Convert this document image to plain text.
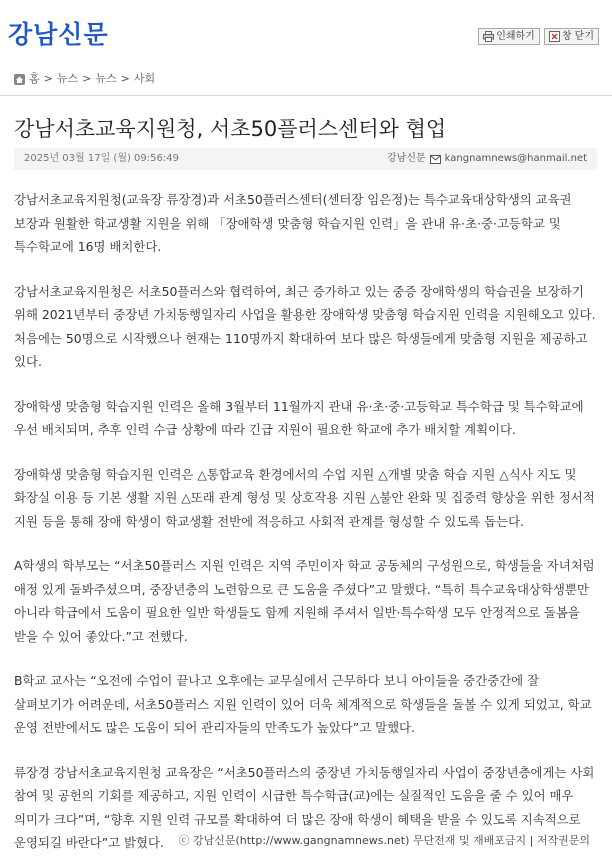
강남신문	인쇄하기	창 닫기
홈 > 뉴스 > 뉴스 > 사회
강남서초교육지원청, 서초50플러스센터와 협업
2025년 03월 17일 (월) 09:56:49	강남신문 kangnamnews@hanmail.net

강남서초교육지원청(교육장 류장경)과 서초50플러스센터(센터장 임은정)는 특수교육대상학생의 교육권 보장과 원활한 학교생활 지원을 위해 「장애학생 맞춤형 학습지원 인력」을 관내 유·초·중·고등학교 및 특수학교에 16명 배치한다.

강남서초교육지원청은 서초50플러스와 협력하여, 최근 증가하고 있는 중증 장애학생의 학습권을 보장하기 위해 2021년부터 중장년 가치동행일자리 사업을 활용한 장애학생 맞춤형 학습지원 인력을 지원해오고 있다. 처음에는 50명으로 시작했으나 현재는 110명까지 확대하여 보다 많은 학생들에게 맞춤형 지원을 제공하고 있다.

장애학생 맞춤형 학습지원 인력은 올해 3월부터 11월까지 관내 유·초·중·고등학교 특수학급 및 특수학교에 우선 배치되며, 추후 인력 수급 상황에 따라 긴급 지원이 필요한 학교에 추가 배치할 계획이다.

장애학생 맞춤형 학습지원 인력은 △통합교육 환경에서의 수업 지원 △개별 맞춤 학습 지원 △식사 지도 및 화장실 이용 등 기본 생활 지원 △또래 관계 형성 및 상호작용 지원 △불안 완화 및 집중력 향상을 위한 정서적 지원 등을 통해 장애 학생이 학교생활 전반에 적응하고 사회적 관계를 형성할 수 있도록 돕는다.

A학생의 학부모는 “서초50플러스 지원 인력은 지역 주민이자 학교 공동체의 구성원으로, 학생들을 자녀처럼 애정 있게 돌봐주셨으며, 중장년층의 노련함으로 큰 도움을 주셨다”고 말했다. “특히 특수교육대상학생뿐만 아니라 학급에서 도움이 필요한 일반 학생들도 함께 지원해 주셔서 일반·특수학생 모두 안정적으로 돌봄을 받을 수 있어 좋았다.”고 전했다.

B학교 교사는 “오전에 수업이 끝나고 오후에는 교무실에서 근무하다 보니 아이들을 중간중간에 잘 살펴보기가 어려운데, 서초50플러스 지원 인력이 있어 더욱 체계적으로 학생들을 돌볼 수 있게 되었고, 학교 운영 전반에서도 많은 도움이 되어 관리자들의 만족도가 높았다”고 말했다.

류장경 강남서초교육지원청 교육장은 “서초50플러스의 중장년 가치동행일자리 사업이 중장년층에게는 사회 참여 및 공헌의 기회를 제공하고, 지원 인력이 시급한 특수학급(교)에는 실질적인 도움을 줄 수 있어 매우 의미가 크다”며, “향후 지원 인력 규모를 확대하여 더 많은 장애 학생이 혜택을 받을 수 있도록 지속적으로 운영되길 바란다”고 밝혔다.	ⓒ 강남신문(http://www.gangnamnews.net) 무단전재 및 재배포금지 | 저작권문의
